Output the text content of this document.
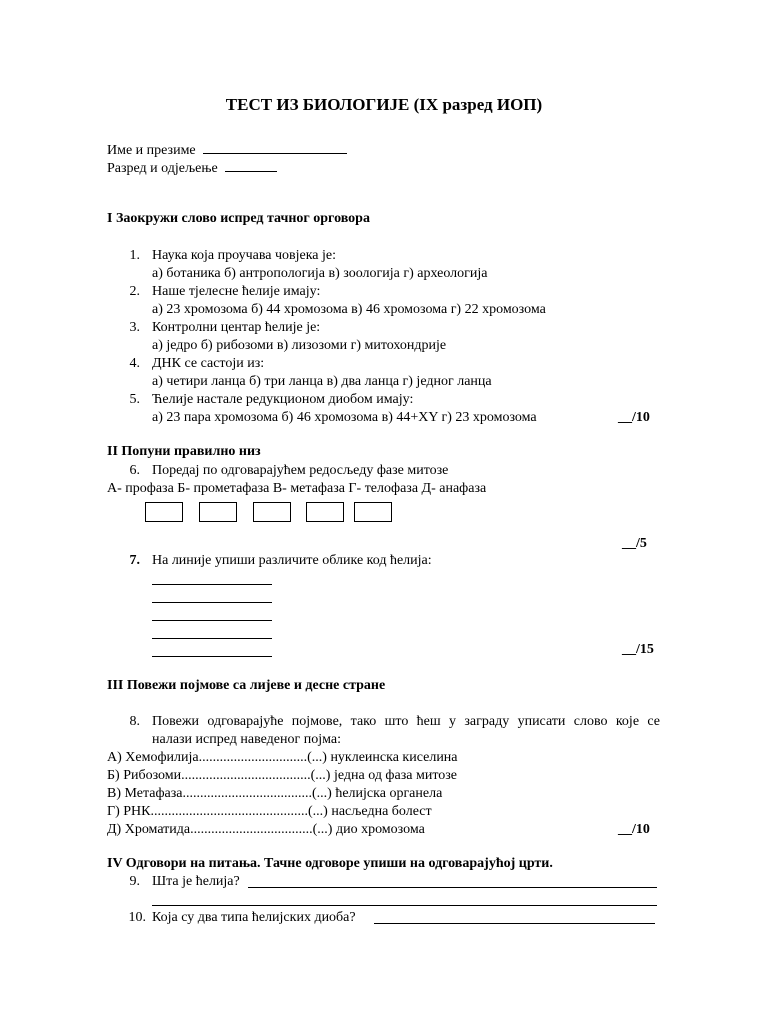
ТЕСТ ИЗ БИОЛОГИЈЕ (IX разред ИОП)
Име и презиме
Разред и одјељење
I Заокружи слово испред тачног орговора
1. Наука која проучава човјека је:
а) ботаника б) антропологија в) зоологија г) археологија
2. Наше тјелесне ћелије имају:
а) 23 хромозома б) 44 хромозома в) 46 хромозома г) 22 хромозома
3. Контролни центар ћелије је:
а) једро б) рибозоми в) лизозоми г) митохондрије
4. ДНК се састоји из:
а) четири ланца б) три ланца в) два ланца г) једног ланца
5. Ћелије настале редукционом диобом имају:
а) 23 пара хромозома б) 46 хромозома в) 44+XY г) 23 хромозома	__/10
II Попуни правилно низ
6. Поредај по одговарајућем редосљеду фазе митозе
А- профаза Б- прометафаза В- метафаза Г- телофаза Д- анафаза
__/5
7. На линије упиши различите облике код ћелија:
__/15
III Повежи појмове са лијеве и десне стране
8. Повежи одговарајуће појмове, тако што ћеш у заграду уписати слово које се
налази испред наведеног појма:
А) Хемофилија...............................(...) нуклеинска киселина
Б) Рибозоми.....................................(...) једна од фаза митозе
В) Метафаза.....................................(...) ћелијска органела
Г) РНК.............................................(...) насљедна болест
Д) Хроматида...................................(...) дио хромозома	__/10
IV Одговори на питања. Тачне одговоре упиши на одговарајућој црти.
9. Шта је ћелија?
10. Која су два типа ћелијских диоба?
